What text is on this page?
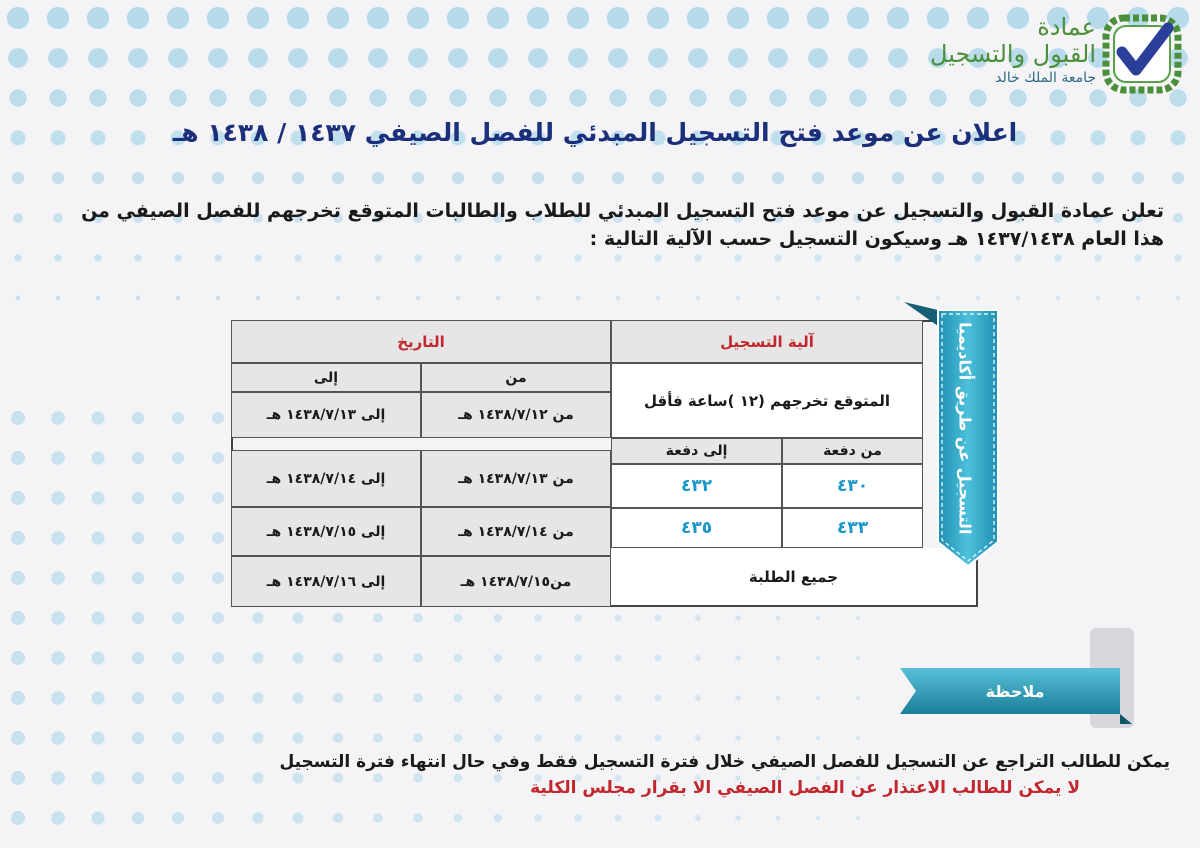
عمادة
القبول والتسجيل
جامعة الملك خالد
اعلان عن موعد فتح التسجيل المبدئي للفصل الصيفي ١٤٣٧ / ١٤٣٨ هـ
تعلن عمادة القبول والتسجيل عن موعد فتح التسجيل المبدئي للطلاب والطالبات المتوقع تخرجهم للفصل الصيفي من
هذا العام ١٤٣٧/١٤٣٨ هـ وسيكون التسجيل حسب الآلية التالية :
التاريخ	آلية التسجيل
إلى	من
إلى ١٤٣٨/٧/١٣ هـ	من ١٤٣٨/٧/١٢ هـ
إلى ١٤٣٨/٧/١٤ هـ	من ١٤٣٨/٧/١٣ هـ
إلى ١٤٣٨/٧/١٥ هـ	من ١٤٣٨/٧/١٤ هـ
إلى ١٤٣٨/٧/١٦ هـ	من١٤٣٨/٧/١٥ هـ
المتوقع تخرجهم (١٢ )ساعة فأقل
إلى دفعة	من دفعة
٤٣٢	٤٣٠
٤٣٥	٤٣٣
جميع الطلبة
التسجيل عن طريق أكاديميا
ملاحظة
يمكن للطالب التراجع عن التسجيل للفصل الصيفي خلال فترة التسجيل فقط وفي حال انتهاء فترة التسجيل
لا يمكن للطالب الاعتذار عن الفصل الصيفي الا بقرار مجلس الكلية
